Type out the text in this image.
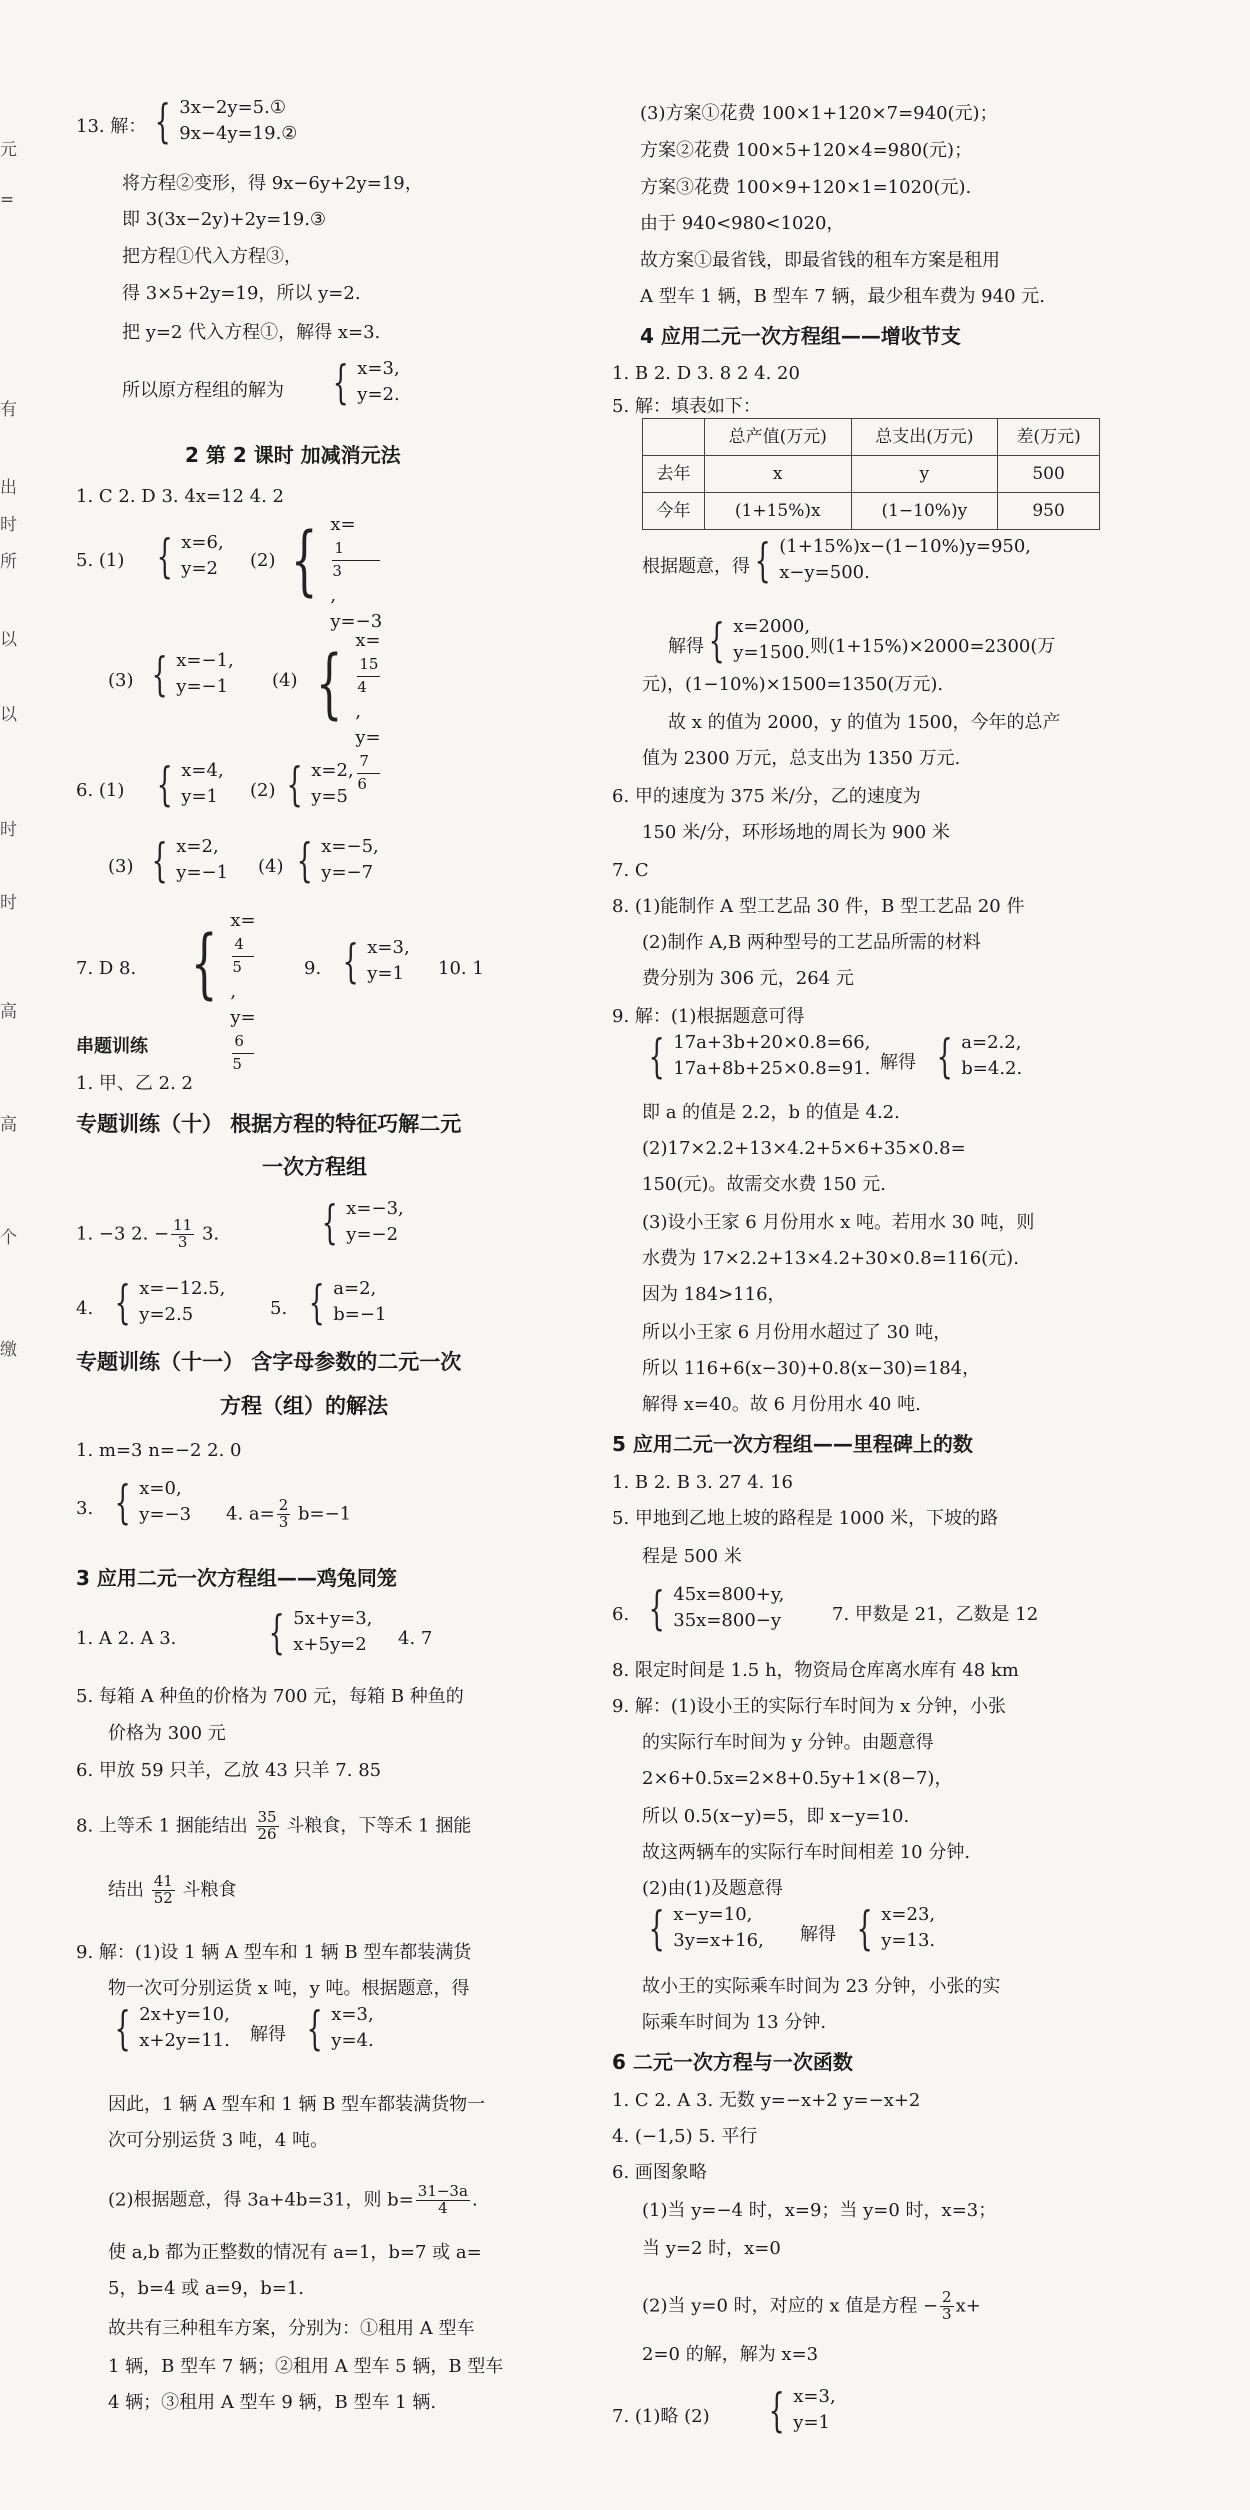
元
=
有
出
时
所
以
以
时
时
高
高
个
缴
13. 解： { 3x−2y=5.①
9x−4y=19.②
将方程②变形，得 9x−6y+2y=19，
即 3(3x−2y)+2y=19.③
把方程①代入方程③，
得 3×5+2y=19，所以 y=2.
把 y=2 代入方程①，解得 x=3.
所以原方程组的解为 { x=3,
y=2.
2 第 2 课时 加减消元法
1. C 2. D 3. 4x=12 4. 2
5. (1) { x=6,
y=2	(2) { x=
1
3
,
y=−3
(3) { x=−1,
y=−1	(4) { x=
15
4
,
y=
7
6
6. (1) { x=4,
y=1	(2) { x=2,
y=5
(3) { x=2,
y=−1 (4) { x=−5,
y=−7
7. D 8. { x=
4
5
,
y=
6
5
9. { x=3,
y=1	10. 1
串题训练
1. 甲、乙 2. 2
专题训练（十） 根据方程的特征巧解二元
一次方程组
1. −3 2. − $\frac{11}{3} 3$. { x=−3,
y=−2
4. { x=−12.5,
y=2.5	5. { a=2,
b=−1
专题训练（十一） 含字母参数的二元一次
方程（组）的解法
1. m=3 n=−2 2. 0
3. { x=0,
y=−3 4. $a= \frac{2}{3} b=-1$
3 应用二元一次方程组——鸡兔同笼
1. A 2. A 3. { 5x+y=3,
x+5y=2	4. 7
5. 每箱 A 种鱼的价格为 700 元，每箱 B 种鱼的
价格为 300 元
6. 甲放 59 只羊，乙放 43 只羊 7. 85
8. 上等禾 1 捆能结出 $\frac{35}{26}$ 斗粮食，下等禾 1 捆能
结出 $\frac{41}{52}$ 斗粮食
9. 解：(1)设 1 辆 A 型车和 1 辆 B 型车都装满货
物一次可分别运货 x 吨，y 吨。根据题意，得
{ 2x+y=10,
x+2y=11. 解得 { x=3,
y=4.
因此，1 辆 A 型车和 1 辆 B 型车都装满货物一
次可分别运货 3 吨，4 吨。
(2)根据题意，得 3a+4b=31，则 $b= \frac{31-3a}{4}$ .
使 a,b 都为正整数的情况有 a=1，b=7 或 a=
5，b=4 或 a=9，b=1.
故共有三种租车方案，分别为：①租用 A 型车
1 辆，B 型车 7 辆；②租用 A 型车 5 辆，B 型车
4 辆；③租用 A 型车 9 辆，B 型车 1 辆.
(3)方案①花费 100×1+120×7=940(元)；
方案②花费 100×5+120×4=980(元)；
方案③花费 100×9+120×1=1020(元).
由于 940<980<1020，
故方案①最省钱，即最省钱的租车方案是租用
A 型车 1 辆，B 型车 7 辆，最少租车费为 940 元.
4 应用二元一次方程组——增收节支
1. B 2. D 3. 8 2 4. 20
5. 解：填表如下：
	总产值(万元)	总支出(万元)	差(万元)
去年	x	y	500
今年	(1+15%)x	(1−10%)y	950
根据题意，得 { (1+15%)x−(1−10%)y=950,
x−y=500.
解得 { x=2000,
y=1500. 则(1+15%)×2000=2300(万
元)，(1−10%)×1500=1350(万元).
故 x 的值为 2000，y 的值为 1500，今年的总产
值为 2300 万元，总支出为 1350 万元.
6. 甲的速度为 375 米/分，乙的速度为
150 米/分，环形场地的周长为 900 米
7. C
8. (1)能制作 A 型工艺品 30 件，B 型工艺品 20 件
(2)制作 A,B 两种型号的工艺品所需的材料
费分别为 306 元，264 元
9. 解：(1)根据题意可得
{ 17a+3b+20×0.8=66,
17a+8b+25×0.8=91. 解得 { a=2.2,
b=4.2.
即 a 的值是 2.2，b 的值是 4.2.
(2)17×2.2+13×4.2+5×6+35×0.8=
150(元)。故需交水费 150 元.
(3)设小王家 6 月份用水 x 吨。若用水 30 吨，则
水费为 17×2.2+13×4.2+30×0.8=116(元).
因为 184>116，
所以小王家 6 月份用水超过了 30 吨，
所以 116+6(x−30)+0.8(x−30)=184，
解得 x=40。故 6 月份用水 40 吨.
5 应用二元一次方程组——里程碑上的数
1. B 2. B 3. 27 4. 16
5. 甲地到乙地上坡的路程是 1000 米，下坡的路
程是 500 米
6. { 45x=800+y,
35x=800−y	7. 甲数是 21，乙数是 12
8. 限定时间是 1.5 h，物资局仓库离水库有 48 km
9. 解：(1)设小王的实际行车时间为 x 分钟，小张
的实际行车时间为 y 分钟。由题意得
2×6+0.5x=2×8+0.5y+1×(8−7)，
所以 0.5(x−y)=5，即 x−y=10.
故这两辆车的实际行车时间相差 10 分钟.
(2)由(1)及题意得
{ x−y=10,
3y=x+16, 解得 { x=23,
y=13.
故小王的实际乘车时间为 23 分钟，小张的实
际乘车时间为 13 分钟.
6 二元一次方程与一次函数
1. C 2. A 3. 无数 y=−x+2 y=−x+2
4. (−1,5) 5. 平行
6. 画图象略
(1)当 y=−4 时，x=9；当 y=0 时，x=3；
当 y=2 时，x=0
(2)当 y=0 时，对应的 x 值是方程 − $\frac{2}{3} x+$
2=0 的解，解为 x=3
7. (1)略 (2) { x=3,
y=1
